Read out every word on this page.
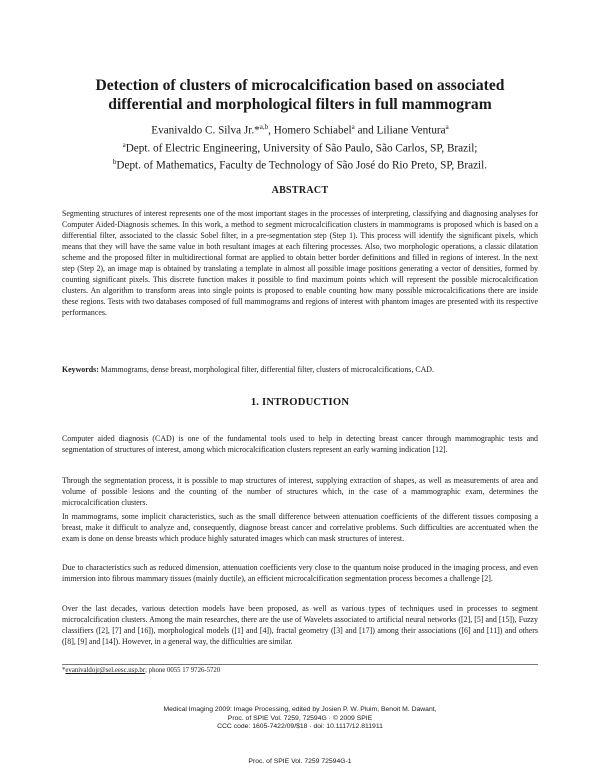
Detection of clusters of microcalcification based on associated differential and morphological filters in full mammogram
Evanivaldo C. Silva Jr.*$^{a,b}$, Homero Schiabel$^a$ and Liliane Ventura$^a$
$^a$Dept. of Electric Engineering, University of São Paulo, São Carlos, SP, Brazil;
$^b$Dept. of Mathematics, Faculty de Technology of São José do Rio Preto, SP, Brazil.
ABSTRACT
Segmenting structures of interest represents one of the most important stages in the processes of interpreting, classifying and diagnosing analyses for Computer Aided-Diagnosis schemes. In this work, a method to segment microcalcification clusters in mammograms is proposed which is based on a differential filter, associated to the classic Sobel filter, in a pre-segmentation step (Step 1). This process will identify the significant pixels, which means that they will have the same value in both resultant images at each filtering processes. Also, two morphologic operations, a classic dilatation scheme and the proposed filter in multidirectional format are applied to obtain better border definitions and filled in regions of interest. In the next step (Step 2), an image map is obtained by translating a template in almost all possible image positions generating a vector of densities, formed by counting significant pixels. This discrete function makes it possible to find maximum points which will represent the possible microcalcification clusters. An algorithm to transform areas into single points is proposed to enable counting how many possible microcalcifications there are inside these regions. Tests with two databases composed of full mammograms and regions of interest with phantom images are presented with its respective performances.
Keywords: Mammograms, dense breast, morphological filter, differential filter, clusters of microcalcifications, CAD.
1. INTRODUCTION
Computer aided diagnosis (CAD) is one of the fundamental tools used to help in detecting breast cancer through mammographic tests and segmentation of structures of interest, among which microcalcification clusters represent an early warning indication [12].
Through the segmentation process, it is possible to map structures of interest, supplying extraction of shapes, as well as measurements of area and volume of possible lesions and the counting of the number of structures which, in the case of a mammographic exam, determines the microcalcification clusters.
In mammograms, some implicit characteristics, such as the small difference between attenuation coefficients of the different tissues composing a breast, make it difficult to analyze and, consequently, diagnose breast cancer and correlative problems. Such difficulties are accentuated when the exam is done on dense breasts which produce highly saturated images which can mask structures of interest.
Due to characteristics such as reduced dimension, attenuation coefficients very close to the quantum noise produced in the imaging process, and even immersion into fibrous mammary tissues (mainly ductile), an efficient microcalcification segmentation process becomes a challenge [2].
Over the last decades, various detection models have been proposed, as well as various types of techniques used in processes to segment microcalcification clusters. Among the main researches, there are the use of Wavelets associated to artificial neural networks ([2], [5] and [15]), Fuzzy classifiers ([2], [7] and [16]), morphological models ([1] and [4]), fractal geometry ([3] and [17]) among their associations ([6] and [11]) and others ([8], [9] and [14]). However, in a general way, the difficulties are similar.
*evanivaldojr@sel.eesc.usp.br; phone 0055 17 9726-5720
Medical Imaging 2009: Image Processing, edited by Josien P. W. Pluim, Benoit M. Dawant,
Proc. of SPIE Vol. 7259, 72594G · © 2009 SPIE
CCC code: 1605-7422/09/$18 · doi: 10.1117/12.811911
Proc. of SPIE Vol. 7259 72594G-1
